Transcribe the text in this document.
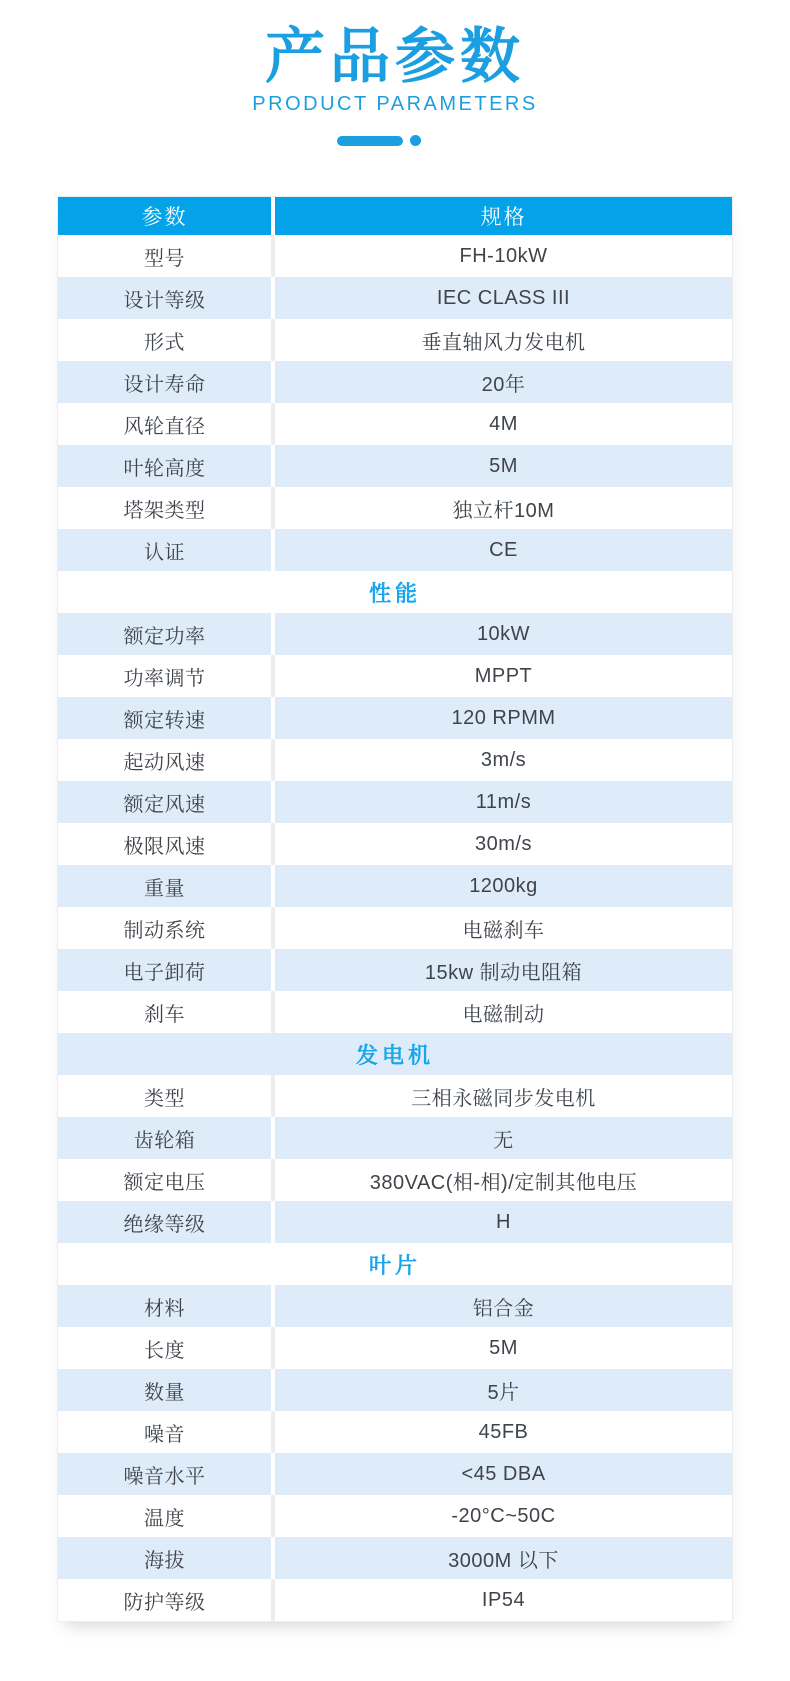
产品参数
PRODUCT PARAMETERS
参数	规格
型号	FH-10kW
设计等级	IEC CLASS III
形式	垂直轴风力发电机
设计寿命	20年
风轮直径	4M
叶轮高度	5M
塔架类型	独立杆10M
认证	CE
性能
额定功率	10kW
功率调节	MPPT
额定转速	120 RPMM
起动风速	3m/s
额定风速	11m/s
极限风速	30m/s
重量	1200kg
制动系统	电磁刹车
电子卸荷	15kw 制动电阻箱
刹车	电磁制动
发电机
类型	三相永磁同步发电机
齿轮箱	无
额定电压	380VAC(相-相)/定制其他电压
绝缘等级	H
叶片
材料	铝合金
长度	5M
数量	5片
噪音	45FB
噪音水平	<45 DBA
温度	-20°C~50C
海拔	3000M 以下
防护等级	IP54
